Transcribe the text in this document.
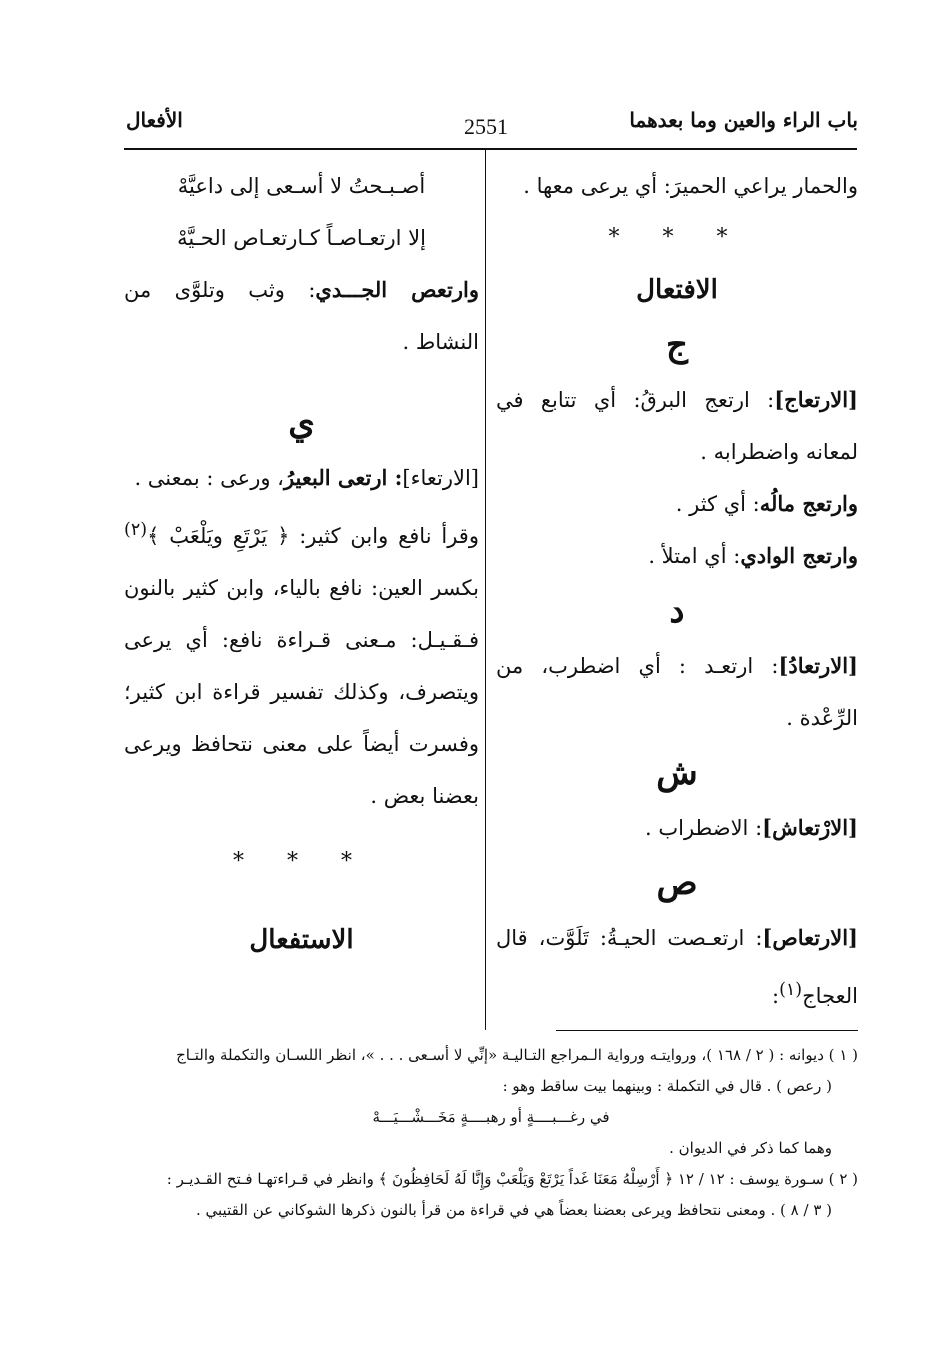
باب الراء والعين وما بعدهما
2551
الأفعال

والحمار يراعي الحميرَ: أي يرعى معها .

* * *

الافتعال

ج

[الارتعاج]: ارتعج البرقُ: أي تتابع في لمعانه واضطرابه .

وارتعج مالُه: أي كثر .

وارتعج الوادي: أي امتلأ .

د

[الارتعادُ]: ارتعـد : أي اضطرب، من الرِّعْدة .

ش

[الارْتعاش]: الاضطراب .

ص

[الارتعاص]: ارتعـصت الحيـةُ: تَلَوَّت، قال العجاج$^{(١)}$:

أصـبـحتُ لا أسـعى إلى داعيَّهْ

إلا ارتعـاصـاً كـارتعـاص الحـيَّهْ

وارتعص الجـــدي: وثب وتلوَّى من النشاط .

ي

[الارتعاء]: ارتعى البعيرُ، ورعى : بمعنى .

وقرأ نافع وابن كثير: ﴿ يَرْتَعِ ويَلْعَبْ ﴾$^{(٢)}$ بكسر العين: نافع بالياء، وابن كثير بالنون فـقـيـل: مـعنى قـراءة نافع: أي يرعى ويتصرف، وكذلك تفسير قراءة ابن كثير؛ وفسرت أيضاً على معنى نتحافظ ويرعى بعضنا بعض .

* * *

الاستفعال

( ١ ) ديوانه : ( ٢ / ١٦٨ )، وروايتـه ورواية الـمراجع التـاليـة «إنِّي لا أسـعى . . . »، انظر اللسـان والتكملة والتـاج

( رعص ) . قال في التكملة : وبينهما بيت ساقط وهو :

في رغـــبــــةٍ أو رهبــــةٍ مَخَـــشْـــيَـــهْ

وهما كما ذكر في الديوان .

( ٢ ) سـورة يوسف : ١٢ / ١٢ ﴿ أَرْسِلْهُ مَعَنَا غَداً يَرْتَعْ وَيَلْعَبْ وَإِنَّا لَهُ لَحَافِظُونَ ﴾ وانظر في قـراءتهـا فـتح القـديـر :

( ٣ / ٨ ) . ومعنى نتحافظ ويرعى بعضنا بعضاً هي في قراءة من قرأ بالنون ذكرها الشوكاني عن القتيبي .
